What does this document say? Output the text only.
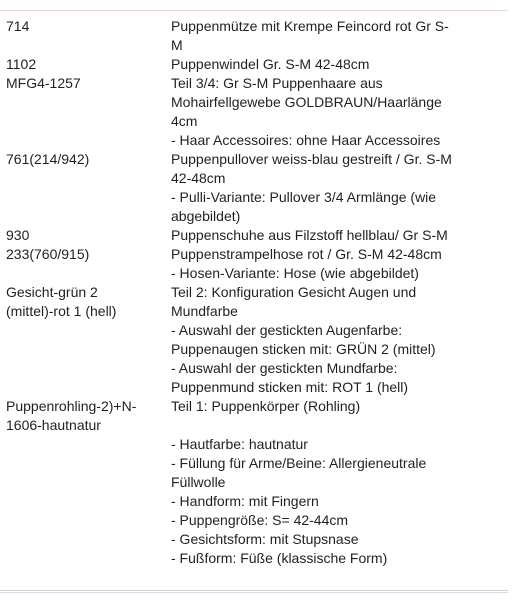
714	Puppenmütze mit Krempe Feincord rot Gr S-
M
1102
MFG4-1257
Puppenwindel Gr. S-M 42-48cm
Teil 3/4: Gr S-M Puppenhaare aus
Mohairfellgewebe GOLDBRAUN/Haarlänge
4cm
- Haar Accessoires: ohne Haar Accessoires
761(214/942)	Puppenpullover weiss-blau gestreift / Gr. S-M
42-48cm
- Pulli-Variante: Pullover 3/4 Armlänge (wie
abgebildet)
930
233(760/915)
Puppenschuhe aus Filzstoff hellblau/ Gr S-M
Puppenstrampelhose rot / Gr. S-M 42-48cm
- Hosen-Variante: Hose (wie abgebildet)
Gesicht-grün 2
(mittel)-rot 1 (hell)
Teil 2: Konfiguration Gesicht Augen und
Mundfarbe
- Auswahl der gestickten Augenfarbe:
Puppenaugen sticken mit: GRÜN 2 (mittel)
- Auswahl der gestickten Mundfarbe:
Puppenmund sticken mit: ROT 1 (hell)
Puppenrohling-2)+N-
1606-hautnatur
Teil 1: Puppenkörper (Rohling)
- Hautfarbe: hautnatur
- Füllung für Arme/Beine: Allergieneutrale
Füllwolle
- Handform: mit Fingern
- Puppengröße: S= 42-44cm
- Gesichtsform: mit Stupsnase
- Fußform: Füße (klassische Form)
